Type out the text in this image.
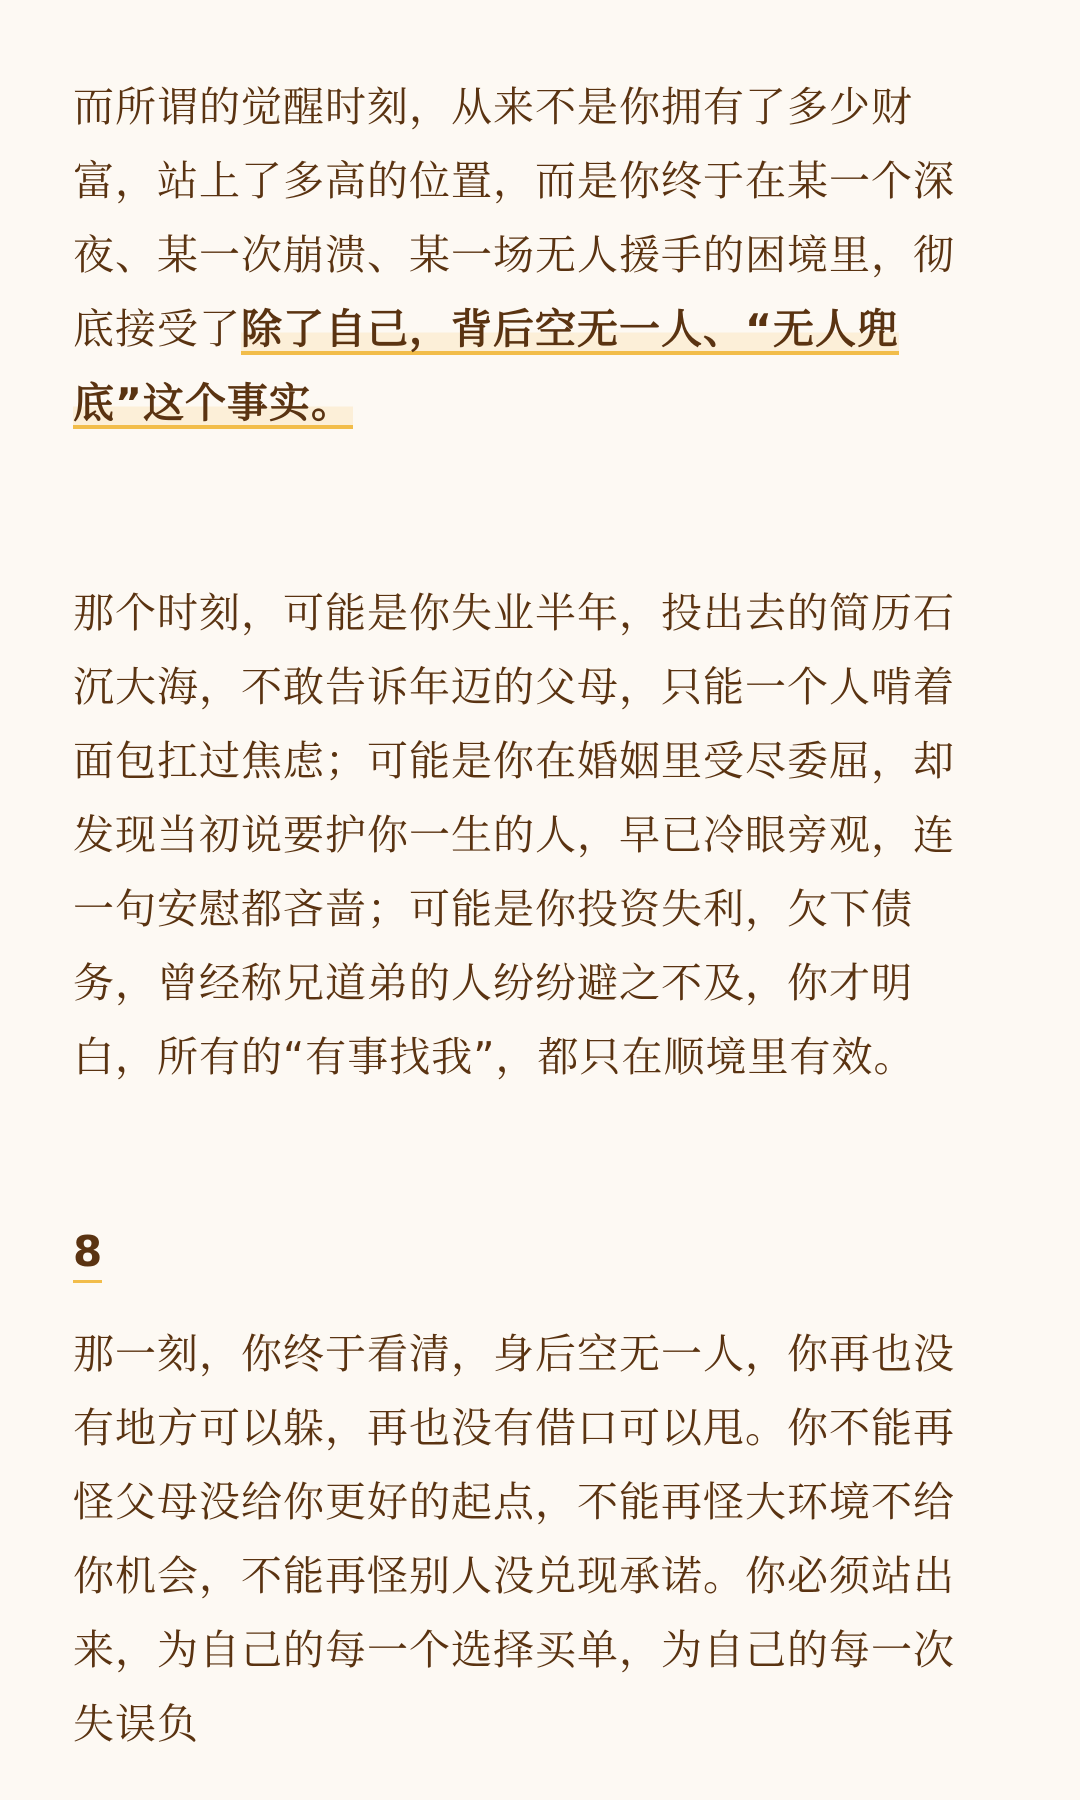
而所谓的觉醒时刻，从来不是你拥有了多少财富，站上了多高的位置，而是你终于在某一个深夜、某一次崩溃、某一场无人援手的困境里，彻底接受了除了自己，背后空无一人、“无人兜底”这个事实。

那个时刻，可能是你失业半年，投出去的简历石沉大海，不敢告诉年迈的父母，只能一个人啃着面包扛过焦虑；可能是你在婚姻里受尽委屈，却发现当初说要护你一生的人，早已冷眼旁观，连一句安慰都吝啬；可能是你投资失利，欠下债务，曾经称兄道弟的人纷纷避之不及，你才明白，所有的“有事找我”，都只在顺境里有效。

8

那一刻，你终于看清，身后空无一人，你再也没有地方可以躲，再也没有借口可以甩。你不能再怪父母没给你更好的起点，不能再怪大环境不给你机会，不能再怪别人没兑现承诺。你必须站出来，为自己的每一个选择买单，为自己的每一次失误负
